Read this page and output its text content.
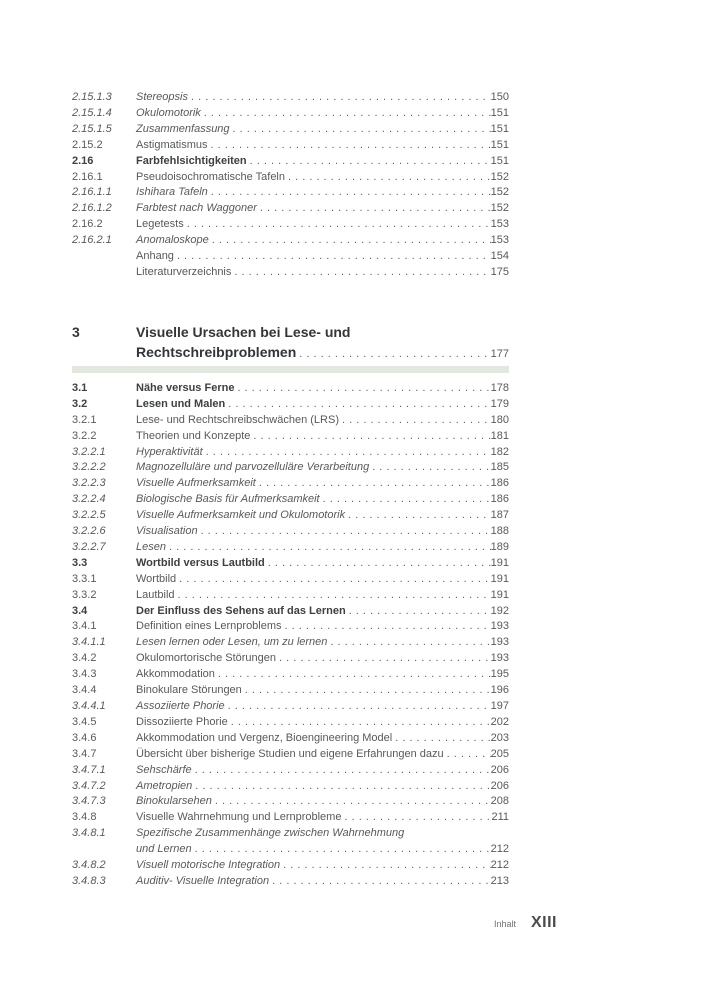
2.15.1.3	Stereopsis . . .	150
2.15.1.4	Okulomotorik . . .	151
2.15.1.5	Zusammenfassung . . .	151
2.15.2	Astigmatismus . . .	151
2.16	Farbfehlsichtigkeiten . . .	151
2.16.1	Pseudoisochromatische Tafeln . . .	152
2.16.1.1	Ishihara Tafeln . . .	152
2.16.1.2	Farbtest nach Waggoner . . .	152
2.16.2	Legetests . . .	153
2.16.2.1	Anomaloskope . . .	153
Anhang . . .	154
Literaturverzeichnis . . .	175
3	Visuelle Ursachen bei Lese- und
Rechtschreibproblemen . . .	177
3.1	Nähe versus Ferne . . .	178
3.2	Lesen und Malen . . .	179
3.2.1	Lese- und Rechtschreibschwächen (LRS) . . .	180
3.2.2	Theorien und Konzepte . . .	181
3.2.2.1	Hyperaktivität . . .	182
3.2.2.2	Magnozelluläre und parvozelluläre Verarbeitung . . .	185
3.2.2.3	Visuelle Aufmerksamkeit . . .	186
3.2.2.4	Biologische Basis für Aufmerksamkeit . . .	186
3.2.2.5	Visuelle Aufmerksamkeit und Okulomotorik . . .	187
3.2.2.6	Visualisation . . .	188
3.2.2.7	Lesen . . .	189
3.3	Wortbild versus Lautbild . . .	191
3.3.1	Wortbild . . .	191
3.3.2	Lautbild . . .	191
3.4	Der Einfluss des Sehens auf das Lernen . . .	192
3.4.1	Definition eines Lernproblems . . .	193
3.4.1.1	Lesen lernen oder Lesen, um zu lernen . . .	193
3.4.2	Okulomortorische Störungen . . .	193
3.4.3	Akkommodation . . .	195
3.4.4	Binokulare Störungen . . .	196
3.4.4.1	Assoziierte Phorie . . .	197
3.4.5	Dissoziierte Phorie . . .	202
3.4.6	Akkommodation und Vergenz, Bioengineering Model . . .	203
3.4.7	Übersicht über bisherige Studien und eigene Erfahrungen dazu . . .	205
3.4.7.1	Sehschärfe . . .	206
3.4.7.2	Ametropien . . .	206
3.4.7.3	Binokularsehen . . .	208
3.4.8	Visuelle Wahrnehmung und Lernprobleme . . .	211
3.4.8.1	Spezifische Zusammenhänge zwischen Wahrnehmung
und Lernen . . .	212
3.4.8.2	Visuell motorische Integration . . .	212
3.4.8.3	Auditiv- Visuelle Integration . . .	213
Inhalt XIII
